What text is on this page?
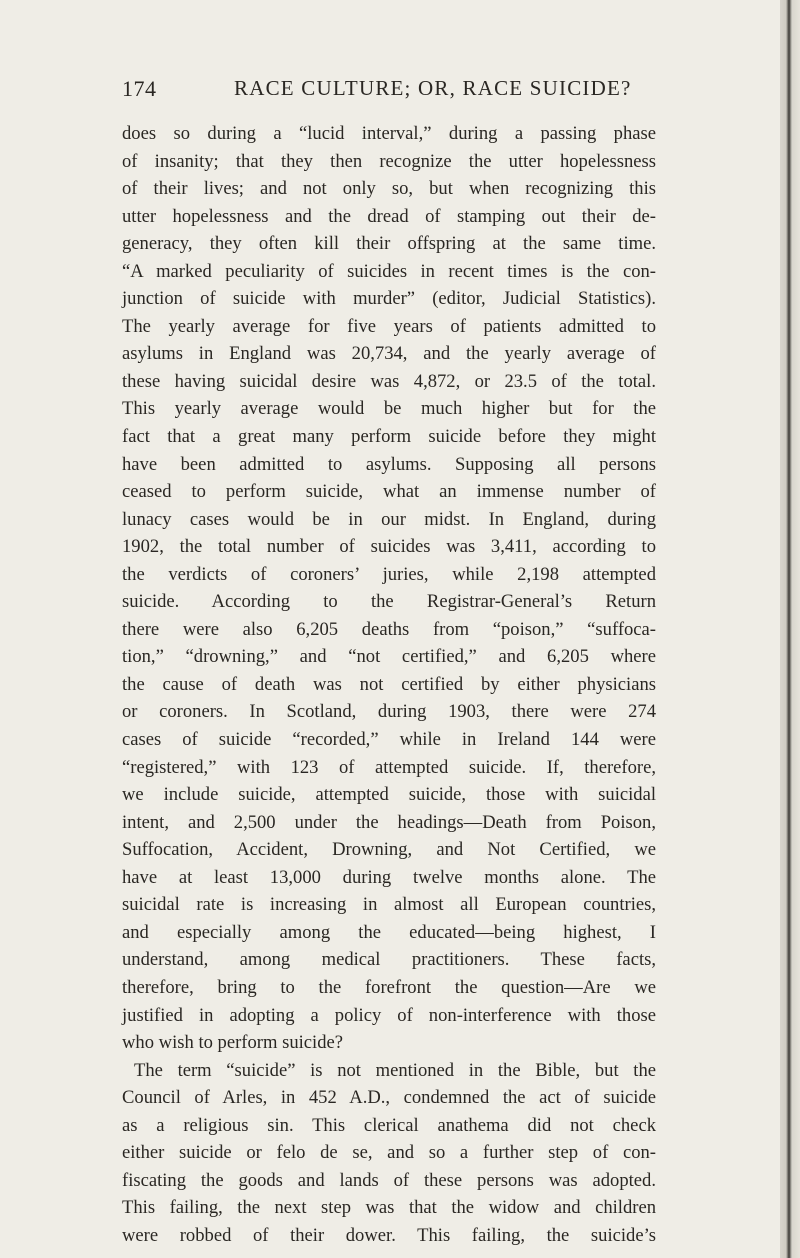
174	RACE CULTURE; OR, RACE SUICIDE?
does so during a “lucid interval,” during a passing phase
of insanity; that they then recognize the utter hopelessness
of their lives; and not only so, but when recognizing this
utter hopelessness and the dread of stamping out their de-
generacy, they often kill their offspring at the same time.
“A marked peculiarity of suicides in recent times is the con-
junction of suicide with murder” (editor, Judicial Statistics).
The yearly average for five years of patients admitted to
asylums in England was 20,734, and the yearly average of
these having suicidal desire was 4,872, or 23.5 of the total.
This yearly average would be much higher but for the
fact that a great many perform suicide before they might
have been admitted to asylums. Supposing all persons
ceased to perform suicide, what an immense number of
lunacy cases would be in our midst. In England, during
1902, the total number of suicides was 3,411, according to
the verdicts of coroners’ juries, while 2,198 attempted
suicide. According to the Registrar-General’s Return
there were also 6,205 deaths from “poison,” “suffoca-
tion,” “drowning,” and “not certified,” and 6,205 where
the cause of death was not certified by either physicians
or coroners. In Scotland, during 1903, there were 274
cases of suicide “recorded,” while in Ireland 144 were
“registered,” with 123 of attempted suicide. If, therefore,
we include suicide, attempted suicide, those with suicidal
intent, and 2,500 under the headings—Death from Poison,
Suffocation, Accident, Drowning, and Not Certified, we
have at least 13,000 during twelve months alone. The
suicidal rate is increasing in almost all European countries,
and especially among the educated—being highest, I
understand, among medical practitioners. These facts,
therefore, bring to the forefront the question—Are we
justified in adopting a policy of non-interference with those
who wish to perform suicide?
The term “suicide” is not mentioned in the Bible, but the
Council of Arles, in 452 A.D., condemned the act of suicide
as a religious sin. This clerical anathema did not check
either suicide or felo de se, and so a further step of con-
fiscating the goods and lands of these persons was adopted.
This failing, the next step was that the widow and children
were robbed of their dower. This failing, the suicide’s
